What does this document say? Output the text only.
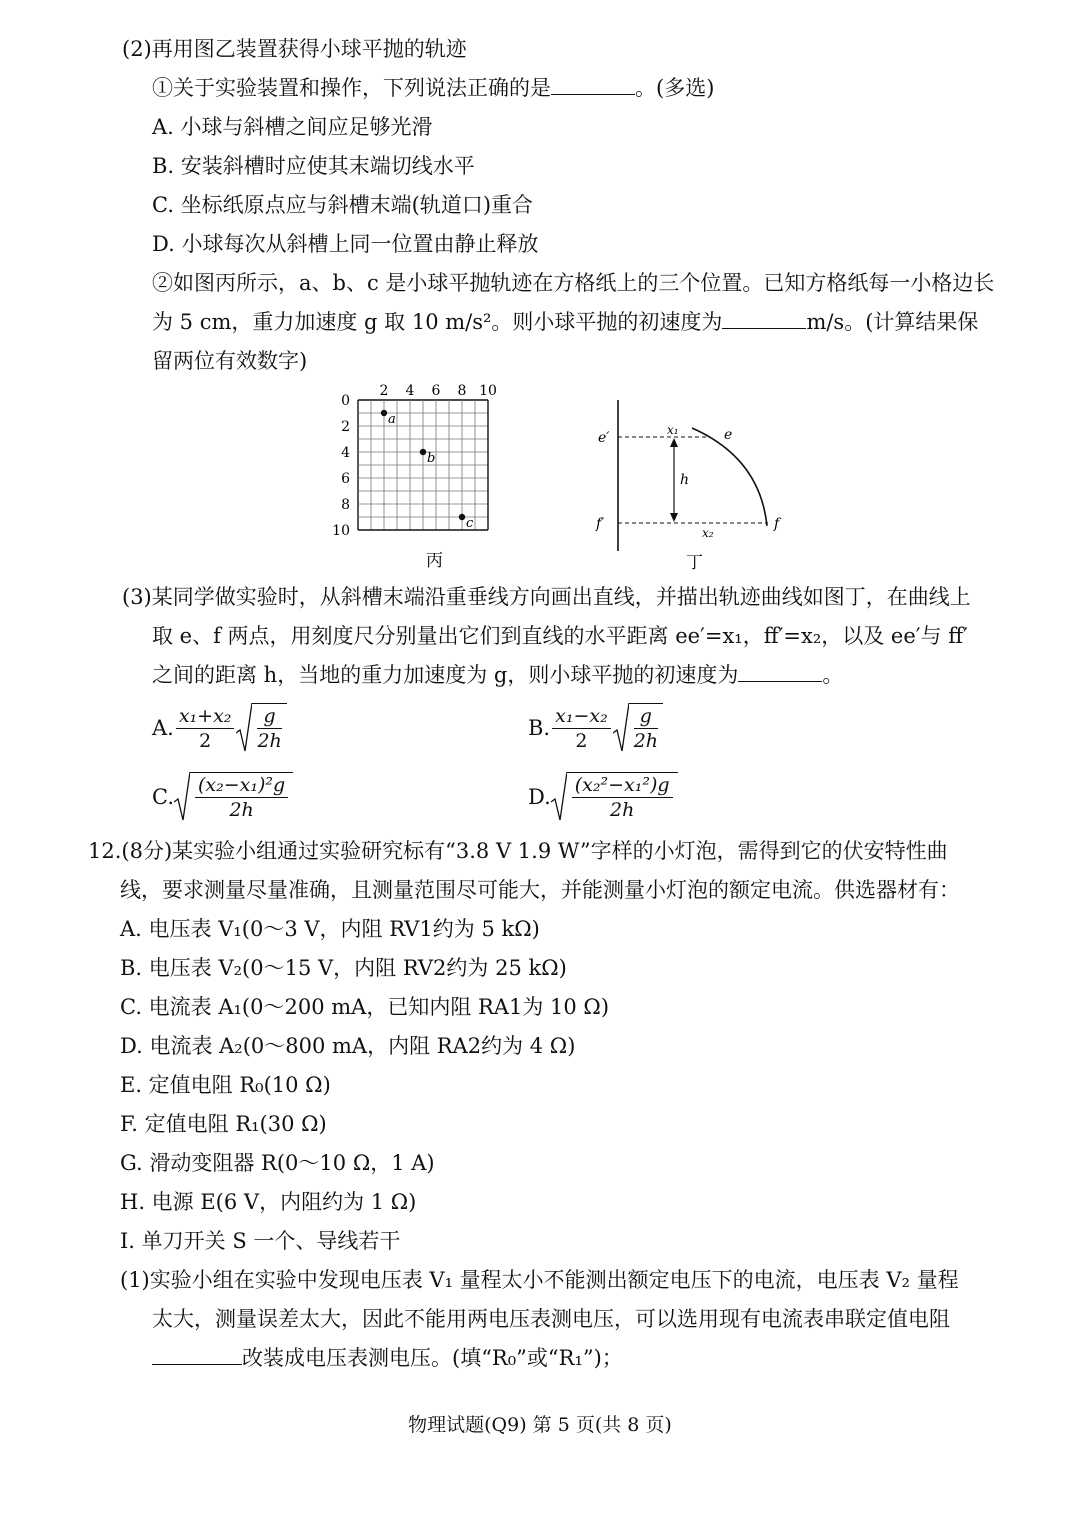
(2)再用图乙装置获得小球平抛的轨迹
①关于实验装置和操作，下列说法正确的是	。(多选)
A. 小球与斜槽之间应足够光滑
B. 安装斜槽时应使其末端切线水平
C. 坐标纸原点应与斜槽末端(轨道口)重合
D. 小球每次从斜槽上同一位置由静止释放
②如图丙所示，a、b、c 是小球平抛轨迹在方格纸上的三个位置。已知方格纸每一小格边长
为 5 cm，重力加速度 g 取 10 m/s²。则小球平抛的初速度为	m/s。(计算结果保
留两位有效数字)
2 4 6 8 10
0
2
4
6
8
10
a
b
c
丙
e′	e
f′	f
h
x₁
x₂
丁
(3)某同学做实验时，从斜槽末端沿重垂线方向画出直线，并描出轨迹曲线如图丁，在曲线上
取 e、f 两点，用刻度尺分别量出它们到直线的水平距离 ee′=x₁，ff′=x₂，以及 ee′与 ff′
之间的距离 h，当地的重力加速度为 g，则小球平抛的初速度为	。
A. $\frac{\text{x₁+x₂}}{2} \frac{g}{2h}$	B. $\frac{\text{x₁−x₂}}{2} \frac{g}{2h}$
C. $\frac{\text{(x₂−x₁)²g}}{2h}$	D. $\frac{\text{(x₂²−x₁²)g}}{2h}$
12.(8分)某实验小组通过实验研究标有“3.8 V 1.9 W”字样的小灯泡，需得到它的伏安特性曲
线，要求测量尽量准确，且测量范围尽可能大，并能测量小灯泡的额定电流。供选器材有：
A. 电压表 V₁(0～3 V，内阻 RV1约为 5 kΩ)
B. 电压表 V₂(0～15 V，内阻 RV2约为 25 kΩ)
C. 电流表 A₁(0～200 mA，已知内阻 RA1为 10 Ω)
D. 电流表 A₂(0～800 mA，内阻 RA2约为 4 Ω)
E. 定值电阻 R₀(10 Ω)
F. 定值电阻 R₁(30 Ω)
G. 滑动变阻器 R(0～10 Ω，1 A)
H. 电源 E(6 V，内阻约为 1 Ω)
I. 单刀开关 S 一个、导线若干
(1)实验小组在实验中发现电压表 V₁ 量程太小不能测出额定电压下的电流，电压表 V₂ 量程
太大，测量误差太大，因此不能用两电压表测电压，可以选用现有电流表串联定值电阻
改装成电压表测电压。(填“R₀”或“R₁”)；
物理试题(Q9) 第 5 页(共 8 页)
